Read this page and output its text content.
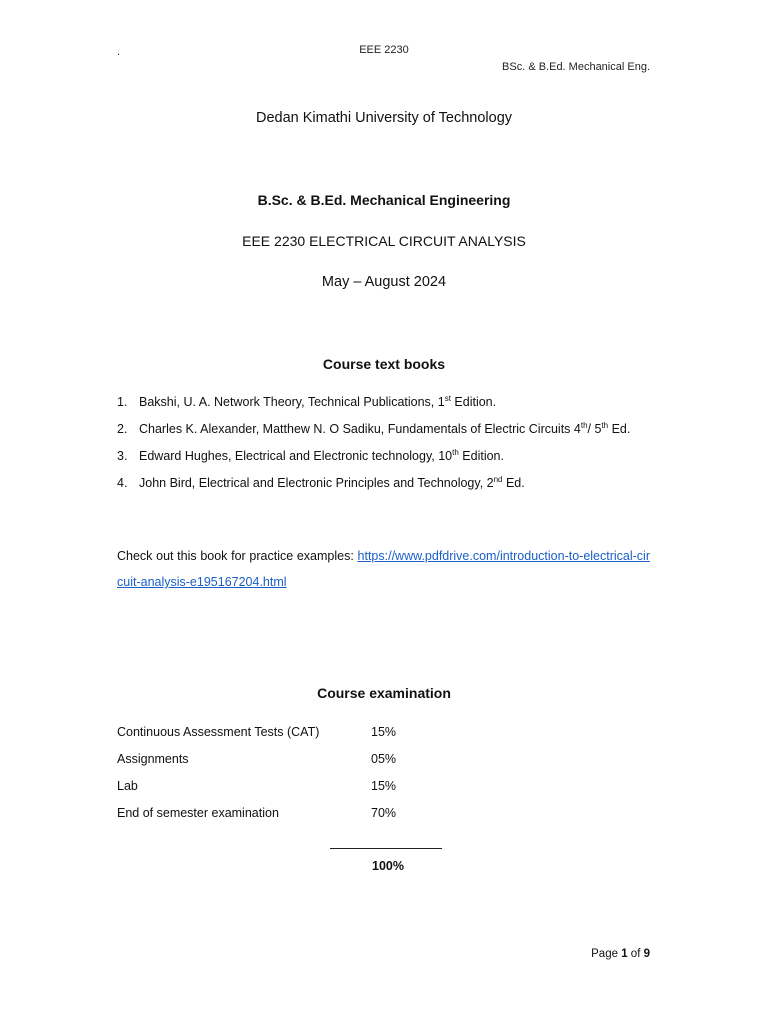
.	EEE 2230
BSc. & B.Ed. Mechanical Eng.
Dedan Kimathi University of Technology
B.Sc. & B.Ed. Mechanical Engineering
EEE 2230 ELECTRICAL CIRCUIT ANALYSIS
May – August 2024
Course text books
1. Bakshi, U. A. Network Theory, Technical Publications, 1st Edition.
2. Charles K. Alexander, Matthew N. O Sadiku, Fundamentals of Electric Circuits 4th/ 5th Ed.
3. Edward Hughes, Electrical and Electronic technology, 10th Edition.
4. John Bird, Electrical and Electronic Principles and Technology, 2nd Ed.
Check out this book for practice examples: https://www.pdfdrive.com/introduction-to-electrical-circuit-analysis-e195167204.html
Course examination
Continuous Assessment Tests (CAT)	15%
Assignments	05%
Lab	15%
End of semester examination	70%
100%
Page 1 of 9
